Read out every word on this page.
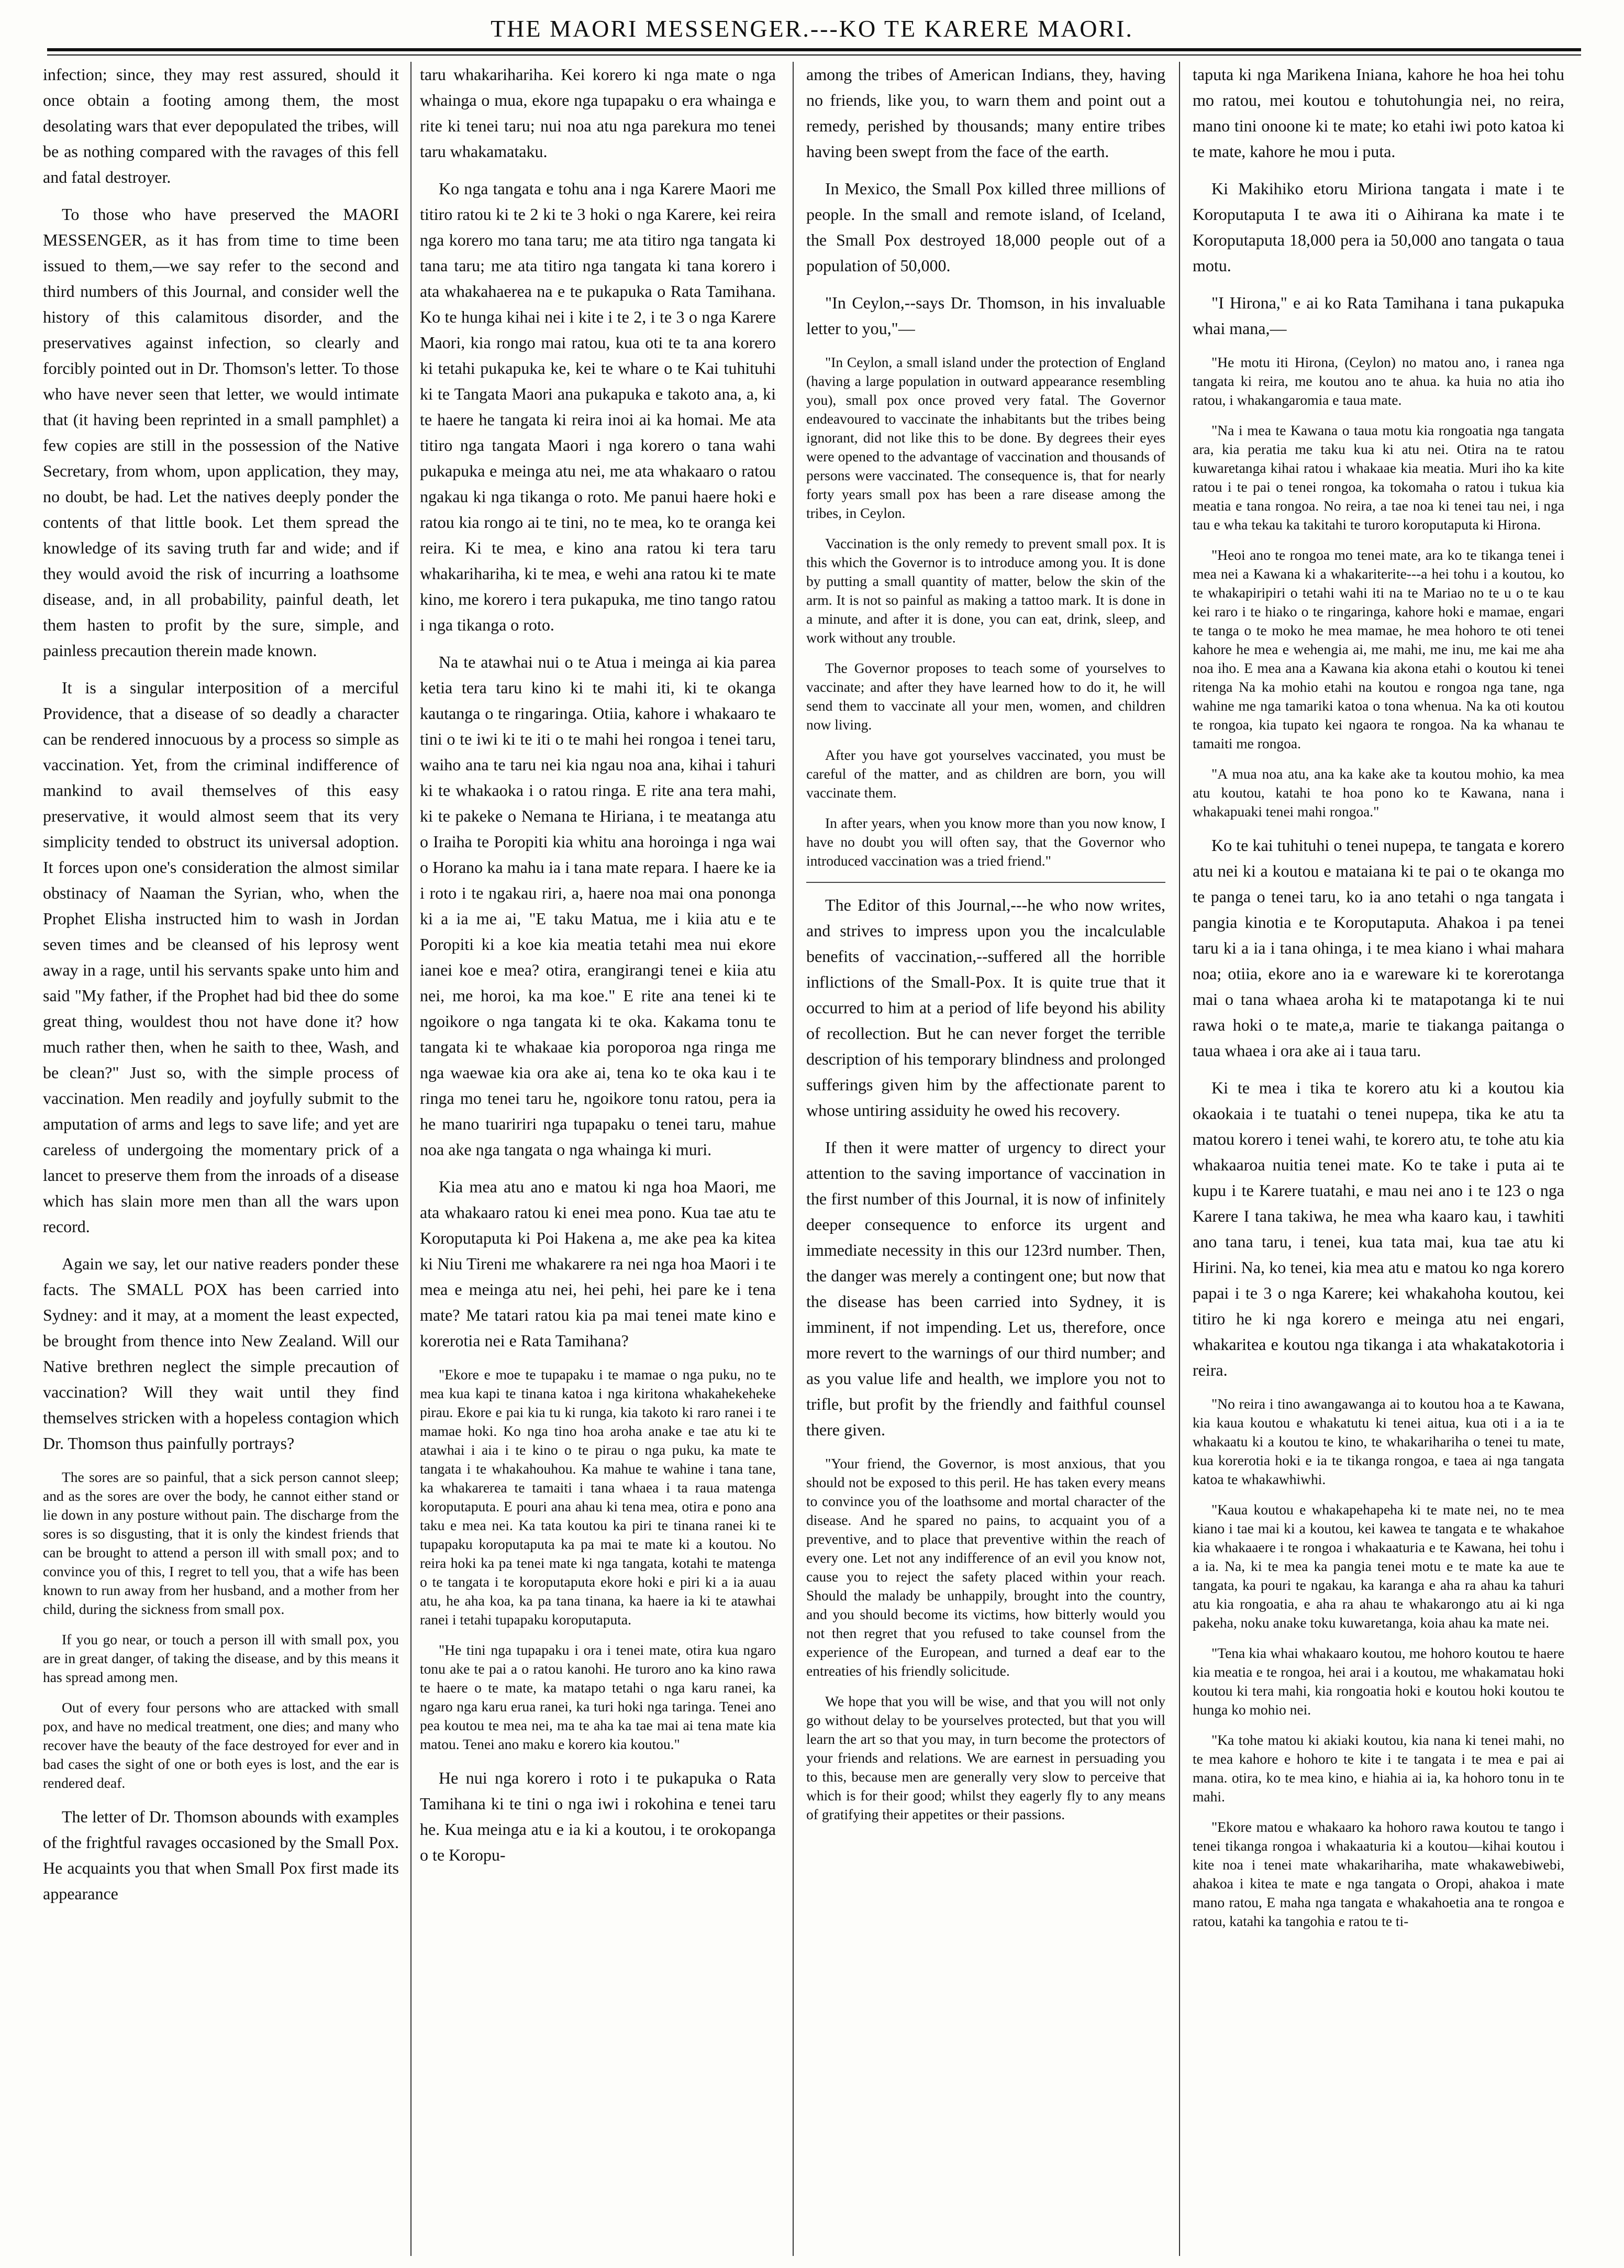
THE MAORI MESSENGER.---KO TE KARERE MAORI.

infection; since, they may rest assured, should it once obtain a footing among them, the most desolating wars that ever depopulated the tribes, will be as nothing compared with the ravages of this fell and fatal destroyer.

To those who have preserved the MAORI MESSENGER, as it has from time to time been issued to them,—we say refer to the second and third numbers of this Journal, and consider well the history of this calamitous disorder, and the preservatives against infection, so clearly and forcibly pointed out in Dr. Thomson's letter. To those who have never seen that letter, we would intimate that (it having been reprinted in a small pamphlet) a few copies are still in the possession of the Native Secretary, from whom, upon application, they may, no doubt, be had. Let the natives deeply ponder the contents of that little book. Let them spread the knowledge of its saving truth far and wide; and if they would avoid the risk of incurring a loathsome disease, and, in all probability, painful death, let them hasten to profit by the sure, simple, and painless precaution therein made known.

It is a singular interposition of a merciful Providence, that a disease of so deadly a character can be rendered innocuous by a process so simple as vaccination. Yet, from the criminal indifference of mankind to avail themselves of this easy preservative, it would almost seem that its very simplicity tended to obstruct its universal adoption. It forces upon one's consideration the almost similar obstinacy of Naaman the Syrian, who, when the Prophet Elisha instructed him to wash in Jordan seven times and be cleansed of his leprosy went away in a rage, until his servants spake unto him and said "My father, if the Prophet had bid thee do some great thing, wouldest thou not have done it? how much rather then, when he saith to thee, Wash, and be clean?" Just so, with the simple process of vaccination. Men readily and joyfully submit to the amputation of arms and legs to save life; and yet are careless of undergoing the momentary prick of a lancet to preserve them from the inroads of a disease which has slain more men than all the wars upon record.

Again we say, let our native readers ponder these facts. The SMALL POX has been carried into Sydney: and it may, at a moment the least expected, be brought from thence into New Zealand. Will our Native brethren neglect the simple precaution of vaccination? Will they wait until they find themselves stricken with a hopeless contagion which Dr. Thomson thus painfully portrays?

The sores are so painful, that a sick person cannot sleep; and as the sores are over the body, he cannot either stand or lie down in any posture without pain. The discharge from the sores is so disgusting, that it is only the kindest friends that can be brought to attend a person ill with small pox; and to convince you of this, I regret to tell you, that a wife has been known to run away from her husband, and a mother from her child, during the sickness from small pox.

If you go near, or touch a person ill with small pox, you are in great danger, of taking the disease, and by this means it has spread among men.

Out of every four persons who are attacked with small pox, and have no medical treatment, one dies; and many who recover have the beauty of the face destroyed for ever and in bad cases the sight of one or both eyes is lost, and the ear is rendered deaf.

The letter of Dr. Thomson abounds with examples of the frightful ravages occasioned by the Small Pox. He acquaints you that when Small Pox first made its appearance

taru whakarihariha. Kei korero ki nga mate o nga whainga o mua, ekore nga tupapaku o era whainga e rite ki tenei taru; nui noa atu nga parekura mo tenei taru whakamataku.

Ko nga tangata e tohu ana i nga Karere Maori me titiro ratou ki te 2 ki te 3 hoki o nga Karere, kei reira nga korero mo tana taru; me ata titiro nga tangata ki tana taru; me ata titiro nga tangata ki tana korero i ata whakahaerea na e te pukapuka o Rata Tamihana. Ko te hunga kihai nei i kite i te 2, i te 3 o nga Karere Maori, kia rongo mai ratou, kua oti te ta ana korero ki tetahi pukapuka ke, kei te whare o te Kai tuhituhi ki te Tangata Maori ana pukapuka e takoto ana, a, ki te haere he tangata ki reira inoi ai ka homai. Me ata titiro nga tangata Maori i nga korero o tana wahi pukapuka e meinga atu nei, me ata whakaaro o ratou ngakau ki nga tikanga o roto. Me panui haere hoki e ratou kia rongo ai te tini, no te mea, ko te oranga kei reira. Ki te mea, e kino ana ratou ki tera taru whakarihariha, ki te mea, e wehi ana ratou ki te mate kino, me korero i tera pukapuka, me tino tango ratou i nga tikanga o roto.

Na te atawhai nui o te Atua i meinga ai kia parea ketia tera taru kino ki te mahi iti, ki te okanga kautanga o te ringaringa. Otiia, kahore i whakaaro te tini o te iwi ki te iti o te mahi hei rongoa i tenei taru, waiho ana te taru nei kia ngau noa ana, kihai i tahuri ki te whakaoka i o ratou ringa. E rite ana tera mahi, ki te pakeke o Nemana te Hiriana, i te meatanga atu o Iraiha te Poropiti kia whitu ana horoinga i nga wai o Horano ka mahu ia i tana mate repara. I haere ke ia i roto i te ngakau riri, a, haere noa mai ona pononga ki a ia me ai, "E taku Matua, me i kiia atu e te Poropiti ki a koe kia meatia tetahi mea nui ekore ianei koe e mea? otira, erangirangi tenei e kiia atu nei, me horoi, ka ma koe." E rite ana tenei ki te ngoikore o nga tangata ki te oka. Kakama tonu te tangata ki te whakaae kia poroporoa nga ringa me nga waewae kia ora ake ai, tena ko te oka kau i te ringa mo tenei taru he, ngoikore tonu ratou, pera ia he mano tuaririri nga tupapaku o tenei taru, mahue noa ake nga tangata o nga whainga ki muri.

Kia mea atu ano e matou ki nga hoa Maori, me ata whakaaro ratou ki enei mea pono. Kua tae atu te Koroputaputa ki Poi Hakena a, me ake pea ka kitea ki Niu Tireni me whakarere ra nei nga hoa Maori i te mea e meinga atu nei, hei pehi, hei pare ke i tena mate? Me tatari ratou kia pa mai tenei mate kino e korerotia nei e Rata Tamihana?

"Ekore e moe te tupapaku i te mamae o nga puku, no te mea kua kapi te tinana katoa i nga kiritona whakahekeheke pirau. Ekore e pai kia tu ki runga, kia takoto ki raro ranei i te mamae hoki. Ko nga tino hoa aroha anake e tae atu ki te atawhai i aia i te kino o te pirau o nga puku, ka mate te tangata i te whakahouhou. Ka mahue te wahine i tana tane, ka whakarerea te tamaiti i tana whaea i ta raua matenga koroputaputa. E pouri ana ahau ki tena mea, otira e pono ana taku e mea nei. Ka tata koutou ka piri te tinana ranei ki te tupapaku koroputaputa ka pa mai te mate ki a koutou. No reira hoki ka pa tenei mate ki nga tangata, kotahi te matenga o te tangata i te koroputaputa ekore hoki e piri ki a ia auau atu, he aha koa, ka pa tana tinana, ka haere ia ki te atawhai ranei i tetahi tupapaku koroputaputa.

"He tini nga tupapaku i ora i tenei mate, otira kua ngaro tonu ake te pai a o ratou kanohi. He turoro ano ka kino rawa te haere o te mate, ka matapo tetahi o nga karu ranei, ka ngaro nga karu erua ranei, ka turi hoki nga taringa. Tenei ano pea koutou te mea nei, ma te aha ka tae mai ai tena mate kia matou. Tenei ano maku e korero kia koutou."

He nui nga korero i roto i te pukapuka o Rata Tamihana ki te tini o nga iwi i rokohina e tenei taru he. Kua meinga atu e ia ki a koutou, i te orokopanga o te Koropu-

among the tribes of American Indians, they, having no friends, like you, to warn them and point out a remedy, perished by thousands; many entire tribes having been swept from the face of the earth.

In Mexico, the Small Pox killed three millions of people. In the small and remote island, of Iceland, the Small Pox destroyed 18,000 people out of a population of 50,000.

"In Ceylon,--says Dr. Thomson, in his invaluable letter to you,"—

"In Ceylon, a small island under the protection of England (having a large population in outward appearance resembling you), small pox once proved very fatal. The Governor endeavoured to vaccinate the inhabitants but the tribes being ignorant, did not like this to be done. By degrees their eyes were opened to the advantage of vaccination and thousands of persons were vaccinated. The consequence is, that for nearly forty years small pox has been a rare disease among the tribes, in Ceylon.

Vaccination is the only remedy to prevent small pox. It is this which the Governor is to introduce among you. It is done by putting a small quantity of matter, below the skin of the arm. It is not so painful as making a tattoo mark. It is done in a minute, and after it is done, you can eat, drink, sleep, and work without any trouble.

The Governor proposes to teach some of yourselves to vaccinate; and after they have learned how to do it, he will send them to vaccinate all your men, women, and children now living.

After you have got yourselves vaccinated, you must be careful of the matter, and as children are born, you will vaccinate them.

In after years, when you know more than you now know, I have no doubt you will often say, that the Governor who introduced vaccination was a tried friend."

The Editor of this Journal,---he who now writes, and strives to impress upon you the incalculable benefits of vaccination,--suffered all the horrible inflictions of the Small-Pox. It is quite true that it occurred to him at a period of life beyond his ability of recollection. But he can never forget the terrible description of his temporary blindness and prolonged sufferings given him by the affectionate parent to whose untiring assiduity he owed his recovery.

If then it were matter of urgency to direct your attention to the saving importance of vaccination in the first number of this Journal, it is now of infinitely deeper consequence to enforce its urgent and immediate necessity in this our 123rd number. Then, the danger was merely a contingent one; but now that the disease has been carried into Sydney, it is imminent, if not impending. Let us, therefore, once more revert to the warnings of our third number; and as you value life and health, we implore you not to trifle, but profit by the friendly and faithful counsel there given.

"Your friend, the Governor, is most anxious, that you should not be exposed to this peril. He has taken every means to convince you of the loathsome and mortal character of the disease. And he spared no pains, to acquaint you of a preventive, and to place that preventive within the reach of every one. Let not any indifference of an evil you know not, cause you to reject the safety placed within your reach. Should the malady be unhappily, brought into the country, and you should become its victims, how bitterly would you not then regret that you refused to take counsel from the experience of the European, and turned a deaf ear to the entreaties of his friendly solicitude.

We hope that you will be wise, and that you will not only go without delay to be yourselves protected, but that you will learn the art so that you may, in turn become the protectors of your friends and relations. We are earnest in persuading you to this, because men are generally very slow to perceive that which is for their good; whilst they eagerly fly to any means of gratifying their appetites or their passions.

taputa ki nga Marikena Iniana, kahore he hoa hei tohu mo ratou, mei koutou e tohutohungia nei, no reira, mano tini onoone ki te mate; ko etahi iwi poto katoa ki te mate, kahore he mou i puta.

Ki Makihiko etoru Miriona tangata i mate i te Koroputaputa I te awa iti o Aihirana ka mate i te Koroputaputa 18,000 pera ia 50,000 ano tangata o taua motu.

"I Hirona," e ai ko Rata Tamihana i tana pukapuka whai mana,—

"He motu iti Hirona, (Ceylon) no matou ano, i ranea nga tangata ki reira, me koutou ano te ahua. ka huia no atia iho ratou, i whakangaromia e taua mate.

"Na i mea te Kawana o taua motu kia rongoatia nga tangata ara, kia peratia me taku kua ki atu nei. Otira na te ratou kuwaretanga kihai ratou i whakaae kia meatia. Muri iho ka kite ratou i te pai o tenei rongoa, ka tokomaha o ratou i tukua kia meatia e tana rongoa. No reira, a tae noa ki tenei tau nei, i nga tau e wha tekau ka takitahi te turoro koroputaputa ki Hirona.

"Heoi ano te rongoa mo tenei mate, ara ko te tikanga tenei i mea nei a Kawana ki a whakariterite---a hei tohu i a koutou, ko te whakapiripiri o tetahi wahi iti na te Mariao no te u o te kau kei raro i te hiako o te ringaringa, kahore hoki e mamae, engari te tanga o te moko he mea mamae, he mea hohoro te oti tenei kahore he mea e wehengia ai, me mahi, me inu, me kai me aha noa iho. E mea ana a Kawana kia akona etahi o koutou ki tenei ritenga Na ka mohio etahi na koutou e rongoa nga tane, nga wahine me nga tamariki katoa o tona whenua. Na ka oti koutou te rongoa, kia tupato kei ngaora te rongoa. Na ka whanau te tamaiti me rongoa.

"A mua noa atu, ana ka kake ake ta koutou mohio, ka mea atu koutou, katahi te hoa pono ko te Kawana, nana i whakapuaki tenei mahi rongoa."

Ko te kai tuhituhi o tenei nupepa, te tangata e korero atu nei ki a koutou e mataiana ki te pai o te okanga mo te panga o tenei taru, ko ia ano tetahi o nga tangata i pangia kinotia e te Koroputaputa. Ahakoa i pa tenei taru ki a ia i tana ohinga, i te mea kiano i whai mahara noa; otiia, ekore ano ia e wareware ki te korerotanga mai o tana whaea aroha ki te matapotanga ki te nui rawa hoki o te mate,a, marie te tiakanga paitanga o taua whaea i ora ake ai i taua taru.

Ki te mea i tika te korero atu ki a koutou kia okaokaia i te tuatahi o tenei nupepa, tika ke atu ta matou korero i tenei wahi, te korero atu, te tohe atu kia whakaaroa nuitia tenei mate. Ko te take i puta ai te kupu i te Karere tuatahi, e mau nei ano i te 123 o nga Karere I tana takiwa, he mea wha kaaro kau, i tawhiti ano tana taru, i tenei, kua tata mai, kua tae atu ki Hirini. Na, ko tenei, kia mea atu e matou ko nga korero papai i te 3 o nga Karere; kei whakahoha koutou, kei titiro he ki nga korero e meinga atu nei engari, whakaritea e koutou nga tikanga i ata whakatakotoria i reira.

"No reira i tino awangawanga ai to koutou hoa a te Kawana, kia kaua koutou e whakatutu ki tenei aitua, kua oti i a ia te whakaatu ki a koutou te kino, te whakarihariha o tenei tu mate, kua korerotia hoki e ia te tikanga rongoa, e taea ai nga tangata katoa te whakawhiwhi.

"Kaua koutou e whakapehapeha ki te mate nei, no te mea kiano i tae mai ki a koutou, kei kawea te tangata e te whakahoe kia whakaaere i te rongoa i whakaaturia e te Kawana, hei tohu i a ia. Na, ki te mea ka pangia tenei motu e te mate ka aue te tangata, ka pouri te ngakau, ka karanga e aha ra ahau ka tahuri atu kia rongoatia, e aha ra ahau te whakarongo atu ai ki nga pakeha, noku anake toku kuwaretanga, koia ahau ka mate nei.

"Tena kia whai whakaaro koutou, me hohoro koutou te haere kia meatia e te rongoa, hei arai i a koutou, me whakamatau hoki koutou ki tera mahi, kia rongoatia hoki e koutou hoki koutou te hunga ko mohio nei.

"Ka tohe matou ki akiaki koutou, kia nana ki tenei mahi, no te mea kahore e hohoro te kite i te tangata i te mea e pai ai mana. otira, ko te mea kino, e hiahia ai ia, ka hohoro tonu in te mahi.

"Ekore matou e whakaaro ka hohoro rawa koutou te tango i tenei tikanga rongoa i whakaaturia ki a koutou—kihai koutou i kite noa i tenei mate whakarihariha, mate whakawebiwebi, ahakoa i kitea te mate e nga tangata o Oropi, ahakoa i mate mano ratou, E maha nga tangata e whakahoetia ana te rongoa e ratou, katahi ka tangohia e ratou te ti-
